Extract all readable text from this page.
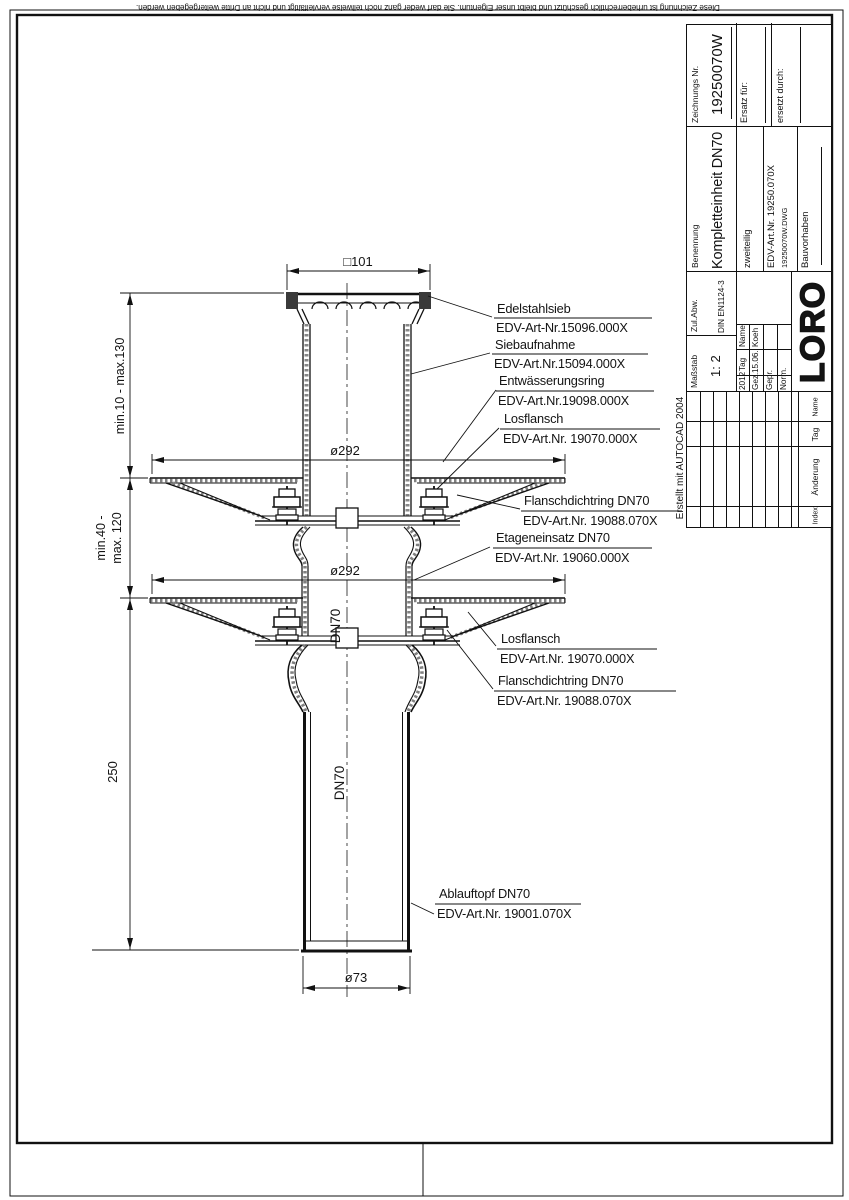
Diese Zeichnung ist urheberrechtlich geschützt und bleibt unser Eigentum. Sie darf weder ganz noch teilweise vervielfältigt und nicht an Dritte weitergegeben werden.
DN70
DN70
□101
ø292
ø292
ø73
min.10 - max.130
min.40 - max. 120
250
Edelstahlsieb
EDV-Art-Nr.15096.000X
Siebaufnahme
EDV-Art.Nr.15094.000X
Entwässerungsring
EDV-Art.Nr.19098.000X
Losflansch
EDV-Art.Nr. 19070.000X
Flanschdichtring DN70
EDV-Art.Nr. 19088.070X
Etageneinsatz DN70
EDV-Art.Nr. 19060.000X
Losflansch
EDV-Art.Nr. 19070.000X
Flanschdichtring DN70
EDV-Art.Nr. 19088.070X
Ablauftopf DN70
EDV-Art.Nr. 19001.070X
Erstellt mit AUTOCAD 2004	Index
Änderung
Tag
Name
Maßstab 1: 2
Zul.Abw. DIN EN1124-3
2012
Tag
Name
Gez.
15.06.
Koeh
Gepr. Norm. LORO
Benennung Kompletteinheit DN70 zweiteilig EDV-Art.Nr. 19250.070X 19250070W.DWG Bauvorhaben
Zeichnungs Nr. 19250070W Ersatz für:	ersetzt durch:
